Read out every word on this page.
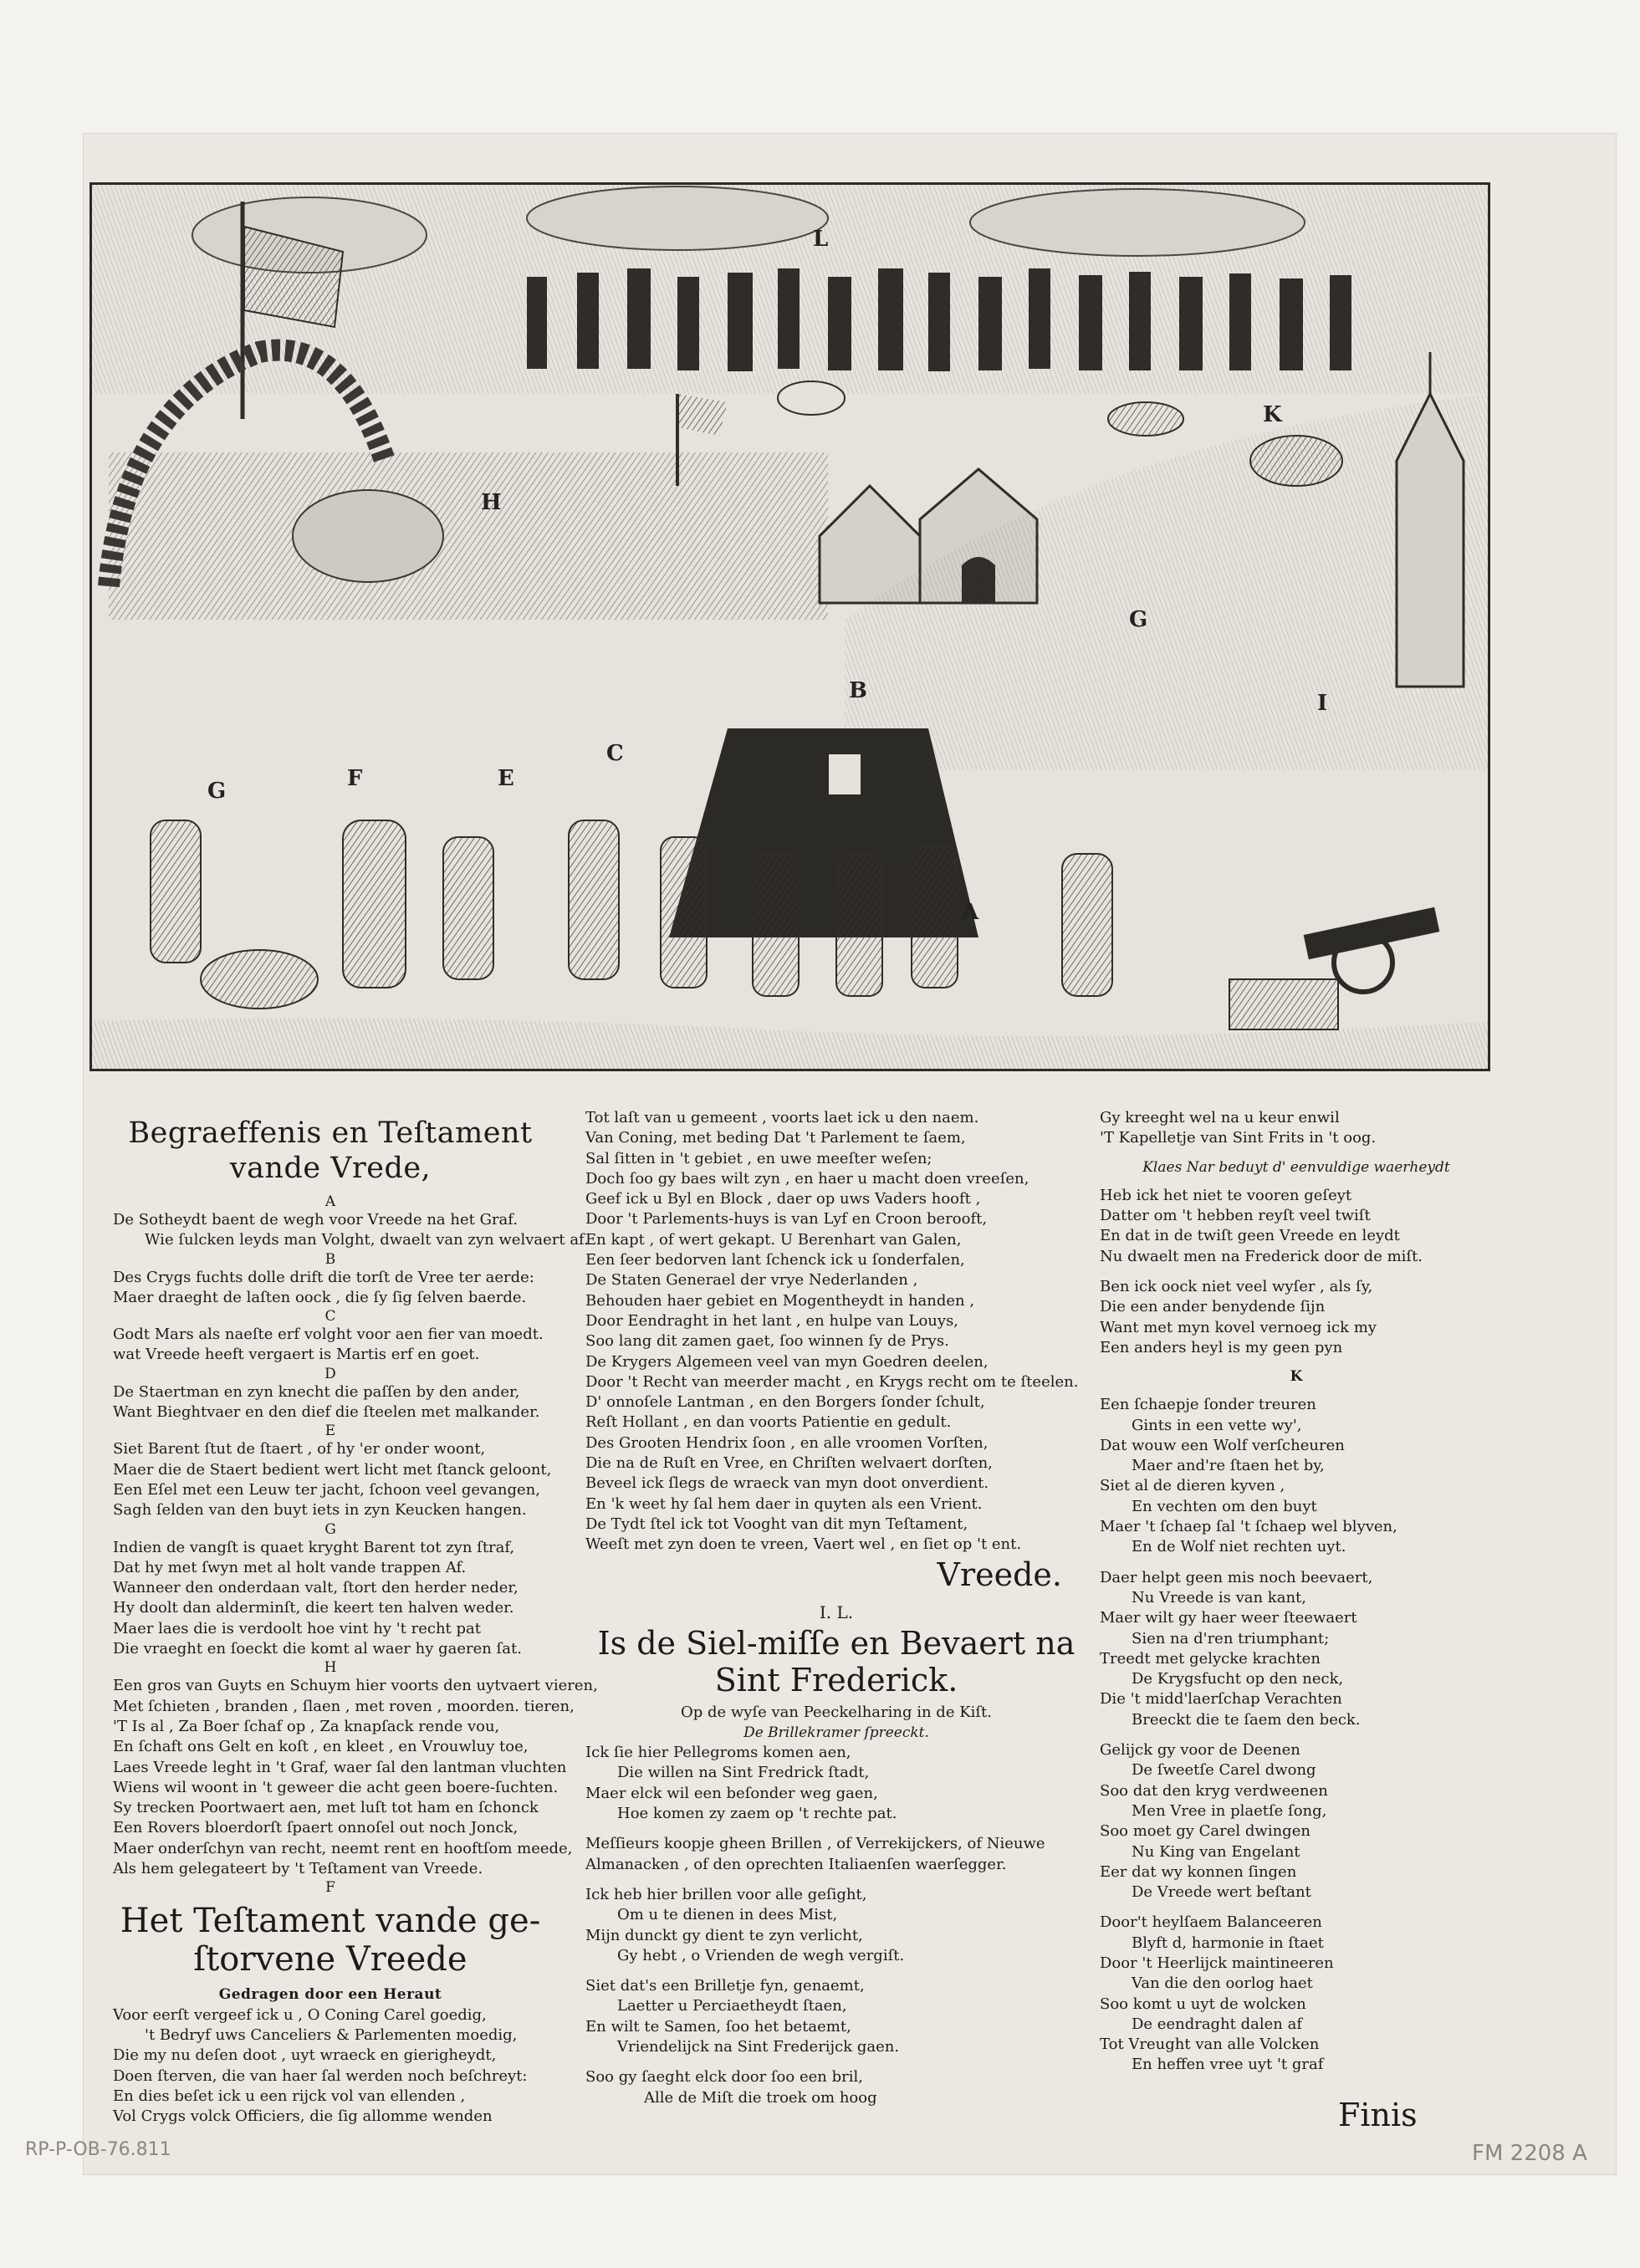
G	F	E
C
B
A
G
H
I
K
L
Begraeffenis en Teſtament
vande Vrede,
A
De Sotheydt baent de wegh voor Vreede na het Graf.
Wie ſulcken leyds man Volght, dwaelt van zyn welvaert af.
B
Des Crygs fuchts dolle drift die torſt de Vree ter aerde:
Maer draeght de laſten oock , die ſy ſig ſelven baerde.
C
Godt Mars als naeſte erf volght voor aen fier van moedt.
wat Vreede heeft vergaert is Martis erf en goet.
D
De Staertman en zyn knecht die paſſen by den ander,
Want Bieghtvaer en den dief die ſteelen met malkander.
E
Siet Barent ſtut de ſtaert , of hy 'er onder woont,
Maer die de Staert bedient wert licht met ſtanck geloont,
Een Eſel met een Leuw ter jacht, ſchoon veel gevangen,
Sagh ſelden van den buyt iets in zyn Keucken hangen.
G
Indien de vangſt is quaet kryght Barent tot zyn ſtraf,
Dat hy met ſwyn met al holt vande trappen Af.
Wanneer den onderdaan valt, ſtort den herder neder,
Hy doolt dan alderminſt, die keert ten halven weder.
Maer laes die is verdoolt hoe vint hy 't recht pat
Die vraeght en ſoeckt die komt al waer hy gaeren ſat.
H
Een gros van Guyts en Schuym hier voorts den uytvaert vieren,
Met ſchieten , branden , ſlaen , met roven , moorden. tieren,
'T Is al , Za Boer ſchaf op , Za knapſack rende vou,
En ſchaft ons Gelt en koſt , en kleet , en Vrouwluy toe,
Laes Vreede leght in 't Graf, waer ſal den lantman vluchten
Wiens wil woont in 't geweer die acht geen boere-ſuchten.
Sy trecken Poortwaert aen, met luſt tot ham en ſchonck
Een Rovers bloerdorſt ſpaert onnoſel out noch Jonck,
Maer onderſchyn van recht, neemt rent en hooftſom meede,
Als hem gelegateert by 't Teſtament van Vreede.
F
Het Teſtament vande ge-
ſtorvene Vreede
Gedragen door een Heraut
Voor eerſt vergeef ick u , O Coning Carel goedig,
't Bedryf uws Canceliers & Parlementen moedig,
Die my nu deſen doot , uyt wraeck en gierigheydt,
Doen ſterven, die van haer ſal werden noch beſchreyt:
En dies beſet ick u een rijck vol van ellenden ,
Vol Crygs volck Officiers, die ſig allomme wenden
Tot laſt van u gemeent , voorts laet ick u den naem.
Van Coning, met beding Dat 't Parlement te ſaem,
Sal ſitten in 't gebiet , en uwe meeſter weſen;
Doch ſoo gy baes wilt zyn , en haer u macht doen vreeſen,
Geef ick u Byl en Block , daer op uws Vaders hooft ,
Door 't Parlements-huys is van Lyf en Croon berooft,
En kapt , of wert gekapt. U Berenhart van Galen,
Een ſeer bedorven lant ſchenck ick u ſonderfalen,
De Staten Generael der vrye Nederlanden ,
Behouden haer gebiet en Mogentheydt in handen ,
Door Eendraght in het lant , en hulpe van Louys,
Soo lang dit zamen gaet, ſoo winnen ſy de Prys.
De Krygers Algemeen veel van myn Goedren deelen,
Door 't Recht van meerder macht , en Krygs recht om te ſteelen.
D' onnoſele Lantman , en den Borgers ſonder ſchult,
Reſt Hollant , en dan voorts Patientie en gedult.
Des Grooten Hendrix ſoon , en alle vroomen Vorſten,
Die na de Ruſt en Vree, en Chriſten welvaert dorſten,
Beveel ick ſlegs de wraeck van myn doot onverdient.
En 'k weet hy ſal hem daer in quyten als een Vrient.
De Tydt ſtel ick tot Vooght van dit myn Teſtament,
Weeſt met zyn doen te vreen, Vaert wel , en ſiet op 't ent.
Vreede.
I. L.
Is de Siel-miſſe en Bevaert na
Sint Frederick.
Op de wyſe van Peeckelharing in de Kiſt.
De Brillekramer ſpreeckt.
Ick ſie hier Pellegroms komen aen,
Die willen na Sint Fredrick ſtadt,
Maer elck wil een beſonder weg gaen,
Hoe komen zy zaem op 't rechte pat.
Meſſieurs koopje gheen Brillen , of Verrekijckers, of Nieuwe
Almanacken , of den oprechten Italiaenſen waerſegger.
Ick heb hier brillen voor alle geſight,
Om u te dienen in dees Mist,
Mijn dunckt gy dient te zyn verlicht,
Gy hebt , o Vrienden de wegh vergiſt.
Siet dat's een Brilletje fyn, genaemt,
Laetter u Perciaetheydt ſtaen,
En wilt te Samen, ſoo het betaemt,
Vriendelijck na Sint Frederijck gaen.
Soo gy ſaeght elck door ſoo een bril,
Alle de Miſt die troek om hoog
Gy kreeght wel na u keur enwil
'T Kapelletje van Sint Frits in 't oog.
Klaes Nar beduyt d' eenvuldige waerheydt
Heb ick het niet te vooren geſeyt
Datter om 't hebben reyſt veel twiſt
En dat in de twiſt geen Vreede en leydt
Nu dwaelt men na Frederick door de miſt.
Ben ick oock niet veel wyſer , als ſy,
Die een ander benydende ſijn
Want met myn kovel vernoeg ick my
Een anders heyl is my geen pyn
K
Een ſchaepje ſonder treuren
Gints in een vette wy',
Dat wouw een Wolf verſcheuren
Maer and're ſtaen het by,
Siet al de dieren kyven ,
En vechten om den buyt
Maer 't ſchaep ſal 't ſchaep wel blyven,
En de Wolf niet rechten uyt.
Daer helpt geen mis noch beevaert,
Nu Vreede is van kant,
Maer wilt gy haer weer ſteewaert
Sien na d'ren triumphant;
Treedt met gelycke krachten
De Krygsfucht op den neck,
Die 't midd'laerſchap Verachten
Breeckt die te ſaem den beck.
Gelijck gy voor de Deenen
De ſweetſe Carel dwong
Soo dat den kryg verdweenen
Men Vree in plaetſe ſong,
Soo moet gy Carel dwingen
Nu King van Engelant
Eer dat wy konnen ſingen
De Vreede wert beſtant
Door't heylſaem Balanceeren
Blyft d, harmonie in ſtaet
Door 't Heerlijck maintineeren
Van die den oorlog haet
Soo komt u uyt de wolcken
De eendraght dalen af
Tot Vreught van alle Volcken
En heffen vree uyt 't graf
Finis
RP-P-OB-76.811	FM 2208 A
